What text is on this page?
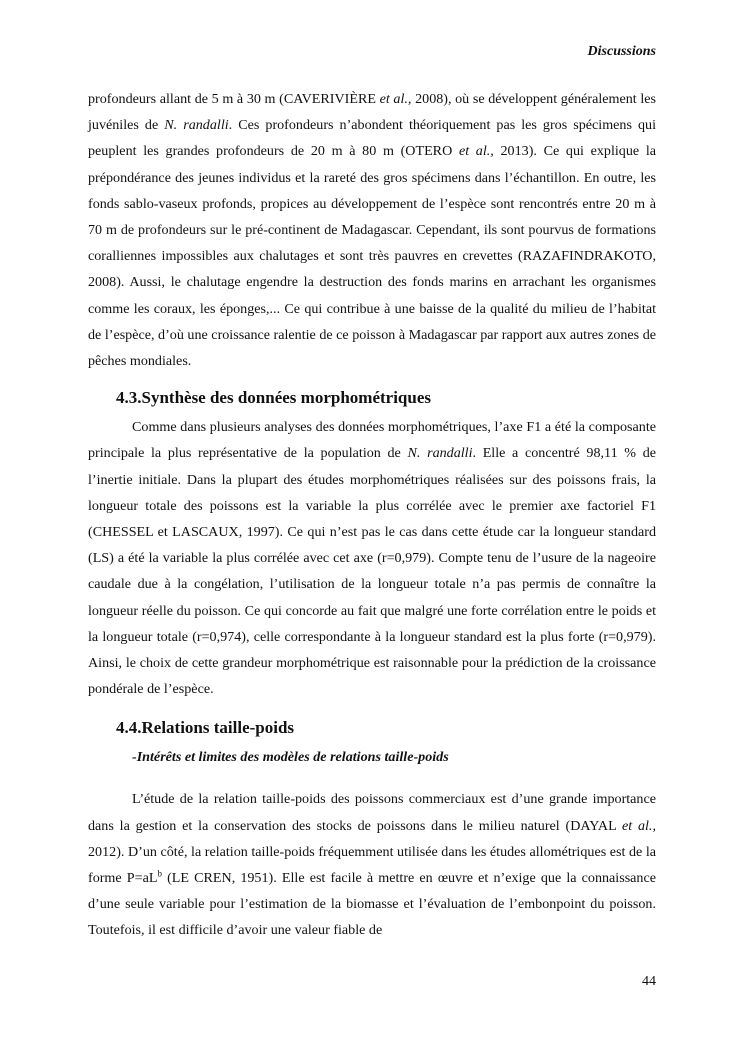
Discussions

profondeurs allant de 5 m à 30 m (CAVERIVIÈRE et al., 2008), où se développent généralement les juvéniles de N. randalli. Ces profondeurs n’abondent théoriquement pas les gros spécimens qui peuplent les grandes profondeurs de 20 m à 80 m (OTERO et al., 2013). Ce qui explique la prépondérance des jeunes individus et la rareté des gros spécimens dans l’échantillon. En outre, les fonds sablo-vaseux profonds, propices au développement de l’espèce sont rencontrés entre 20 m à 70 m de profondeurs sur le pré-continent de Madagascar. Cependant, ils sont pourvus de formations coralliennes impossibles aux chalutages et sont très pauvres en crevettes (RAZAFINDRAKOTO, 2008). Aussi, le chalutage engendre la destruction des fonds marins en arrachant les organismes comme les coraux, les éponges,... Ce qui contribue à une baisse de la qualité du milieu de l’habitat de l’espèce, d’où une croissance ralentie de ce poisson à Madagascar par rapport aux autres zones de pêches mondiales.

4.3.Synthèse des données morphométriques

Comme dans plusieurs analyses des données morphométriques, l’axe F1 a été la composante principale la plus représentative de la population de N. randalli. Elle a concentré 98,11 % de l’inertie initiale. Dans la plupart des études morphométriques réalisées sur des poissons frais, la longueur totale des poissons est la variable la plus corrélée avec le premier axe factoriel F1 (CHESSEL et LASCAUX, 1997). Ce qui n’est pas le cas dans cette étude car la longueur standard (LS) a été la variable la plus corrélée avec cet axe (r=0,979). Compte tenu de l’usure de la nageoire caudale due à la congélation, l’utilisation de la longueur totale n’a pas permis de connaître la longueur réelle du poisson. Ce qui concorde au fait que malgré une forte corrélation entre le poids et la longueur totale (r=0,974), celle correspondante à la longueur standard est la plus forte (r=0,979). Ainsi, le choix de cette grandeur morphométrique est raisonnable pour la prédiction de la croissance pondérale de l’espèce.

4.4.Relations taille-poids
-Intérêts et limites des modèles de relations taille-poids

L’étude de la relation taille-poids des poissons commerciaux est d’une grande importance dans la gestion et la conservation des stocks de poissons dans le milieu naturel (DAYAL et al., 2012). D’un côté, la relation taille-poids fréquemment utilisée dans les études allométriques est de la forme $P=aL^b$ (LE CREN, 1951). Elle est facile à mettre en œuvre et n’exige que la connaissance d’une seule variable pour l’estimation de la biomasse et l’évaluation de l’embonpoint du poisson. Toutefois, il est difficile d’avoir une valeur fiable de

44
